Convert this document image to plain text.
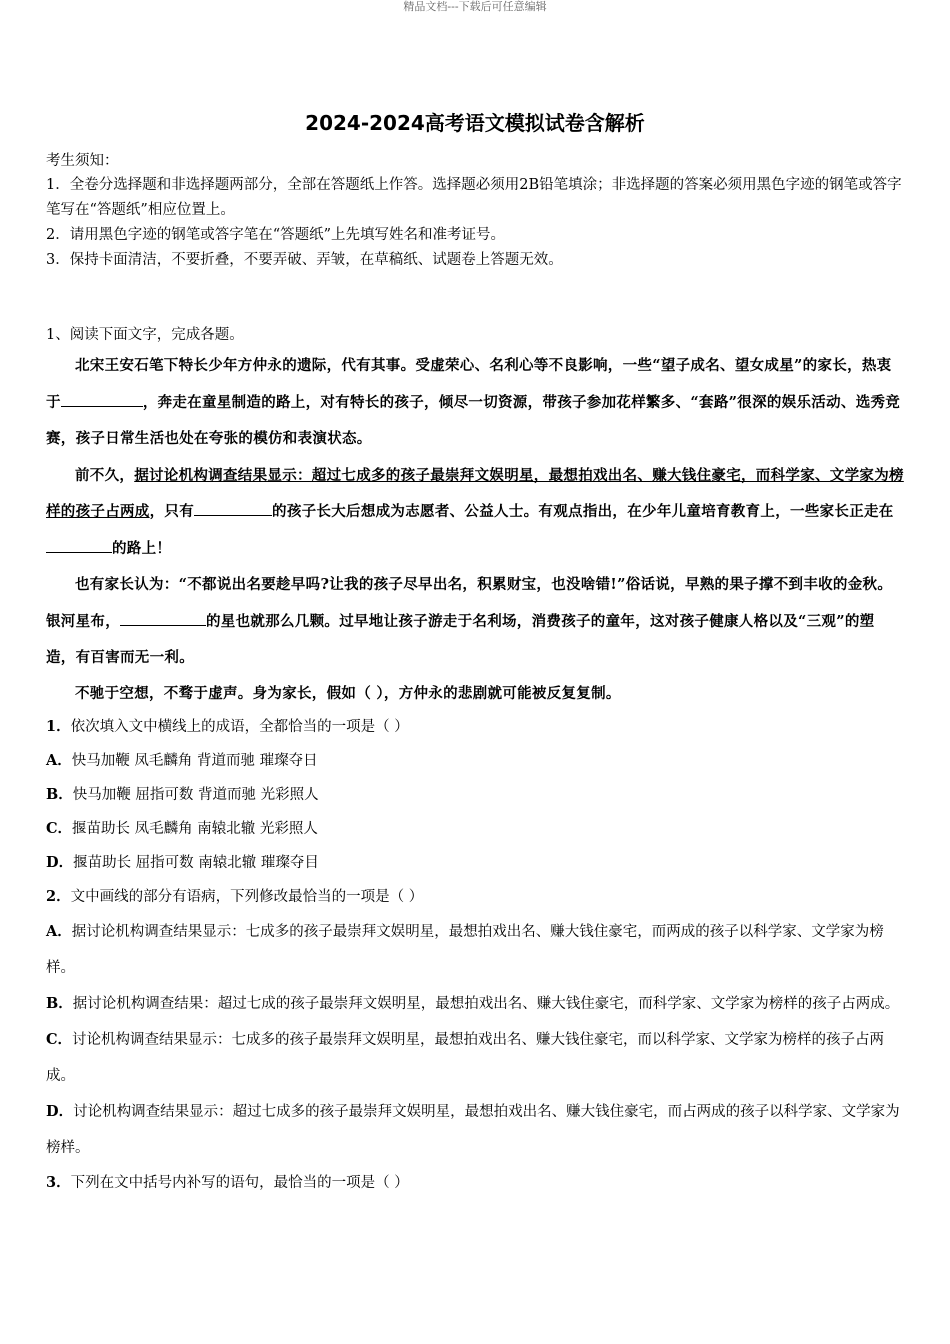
精品文档---下载后可任意编辑
2024-2024高考语文模拟试卷含解析
考生须知：
1．全卷分选择题和非选择题两部分，全部在答题纸上作答。选择题必须用2B铅笔填涂；非选择题的答案必须用黑色字迹的钢笔或答字笔写在“答题纸”相应位置上。
2．请用黑色字迹的钢笔或答字笔在“答题纸”上先填写姓名和准考证号。
3．保持卡面清洁，不要折叠，不要弄破、弄皱，在草稿纸、试题卷上答题无效。
1、阅读下面文字，完成各题。
北宋王安石笔下特长少年方仲永的遗际，代有其事。受虚荣心、名利心等不良影响，一些“望子成名、望女成星”的家长，热衷于	，奔走在童星制造的路上，对有特长的孩子，倾尽一切资源，带孩子参加花样繁多、“套路”很深的娱乐活动、选秀竞赛，孩子日常生活也处在夸张的模仿和表演状态。
前不久，据讨论机构调查结果显示：超过七成多的孩子最崇拜文娱明星，最想拍戏出名、赚大钱住豪宅，而科学家、文学家为榜样的孩子占两成，只有	的孩子长大后想成为志愿者、公益人士。有观点指出，在少年儿童培育教育上，一些家长正走在的路上！
也有家长认为：“不都说出名要趁早吗?让我的孩子尽早出名，积累财宝，也没啥错!”俗话说，早熟的果子撑不到丰收的金秋。银河星布，	的星也就那么几颗。过早地让孩子游走于名利场，消费孩子的童年，这对孩子健康人格以及“三观”的塑造，有百害而无一利。
不驰于空想，不骛于虚声。身为家长，假如（ ），方仲永的悲剧就可能被反复复制。
1．依次填入文中横线上的成语，全都恰当的一项是（ ）
A．快马加鞭 凤毛麟角 背道而驰 璀璨夺日
B．快马加鞭 屈指可数 背道而驰 光彩照人
C．揠苗助长 凤毛麟角 南辕北辙 光彩照人
D．揠苗助长 屈指可数 南辕北辙 璀璨夺目
2．文中画线的部分有语病，下列修改最恰当的一项是（ ）
A．据讨论机构调查结果显示：七成多的孩子最崇拜文娱明星，最想拍戏出名、赚大钱住豪宅，而两成的孩子以科学家、文学家为榜样。
B．据讨论机构调查结果：超过七成的孩子最崇拜文娱明星，最想拍戏出名、赚大钱住豪宅，而科学家、文学家为榜样的孩子占两成。
C．讨论机构调查结果显示：七成多的孩子最崇拜文娱明星，最想拍戏出名、赚大钱住豪宅，而以科学家、文学家为榜样的孩子占两成。
D．讨论机构调查结果显示：超过七成多的孩子最崇拜文娱明星，最想拍戏出名、赚大钱住豪宅，而占两成的孩子以科学家、文学家为榜样。
3．下列在文中括号内补写的语句，最恰当的一项是（ ）
